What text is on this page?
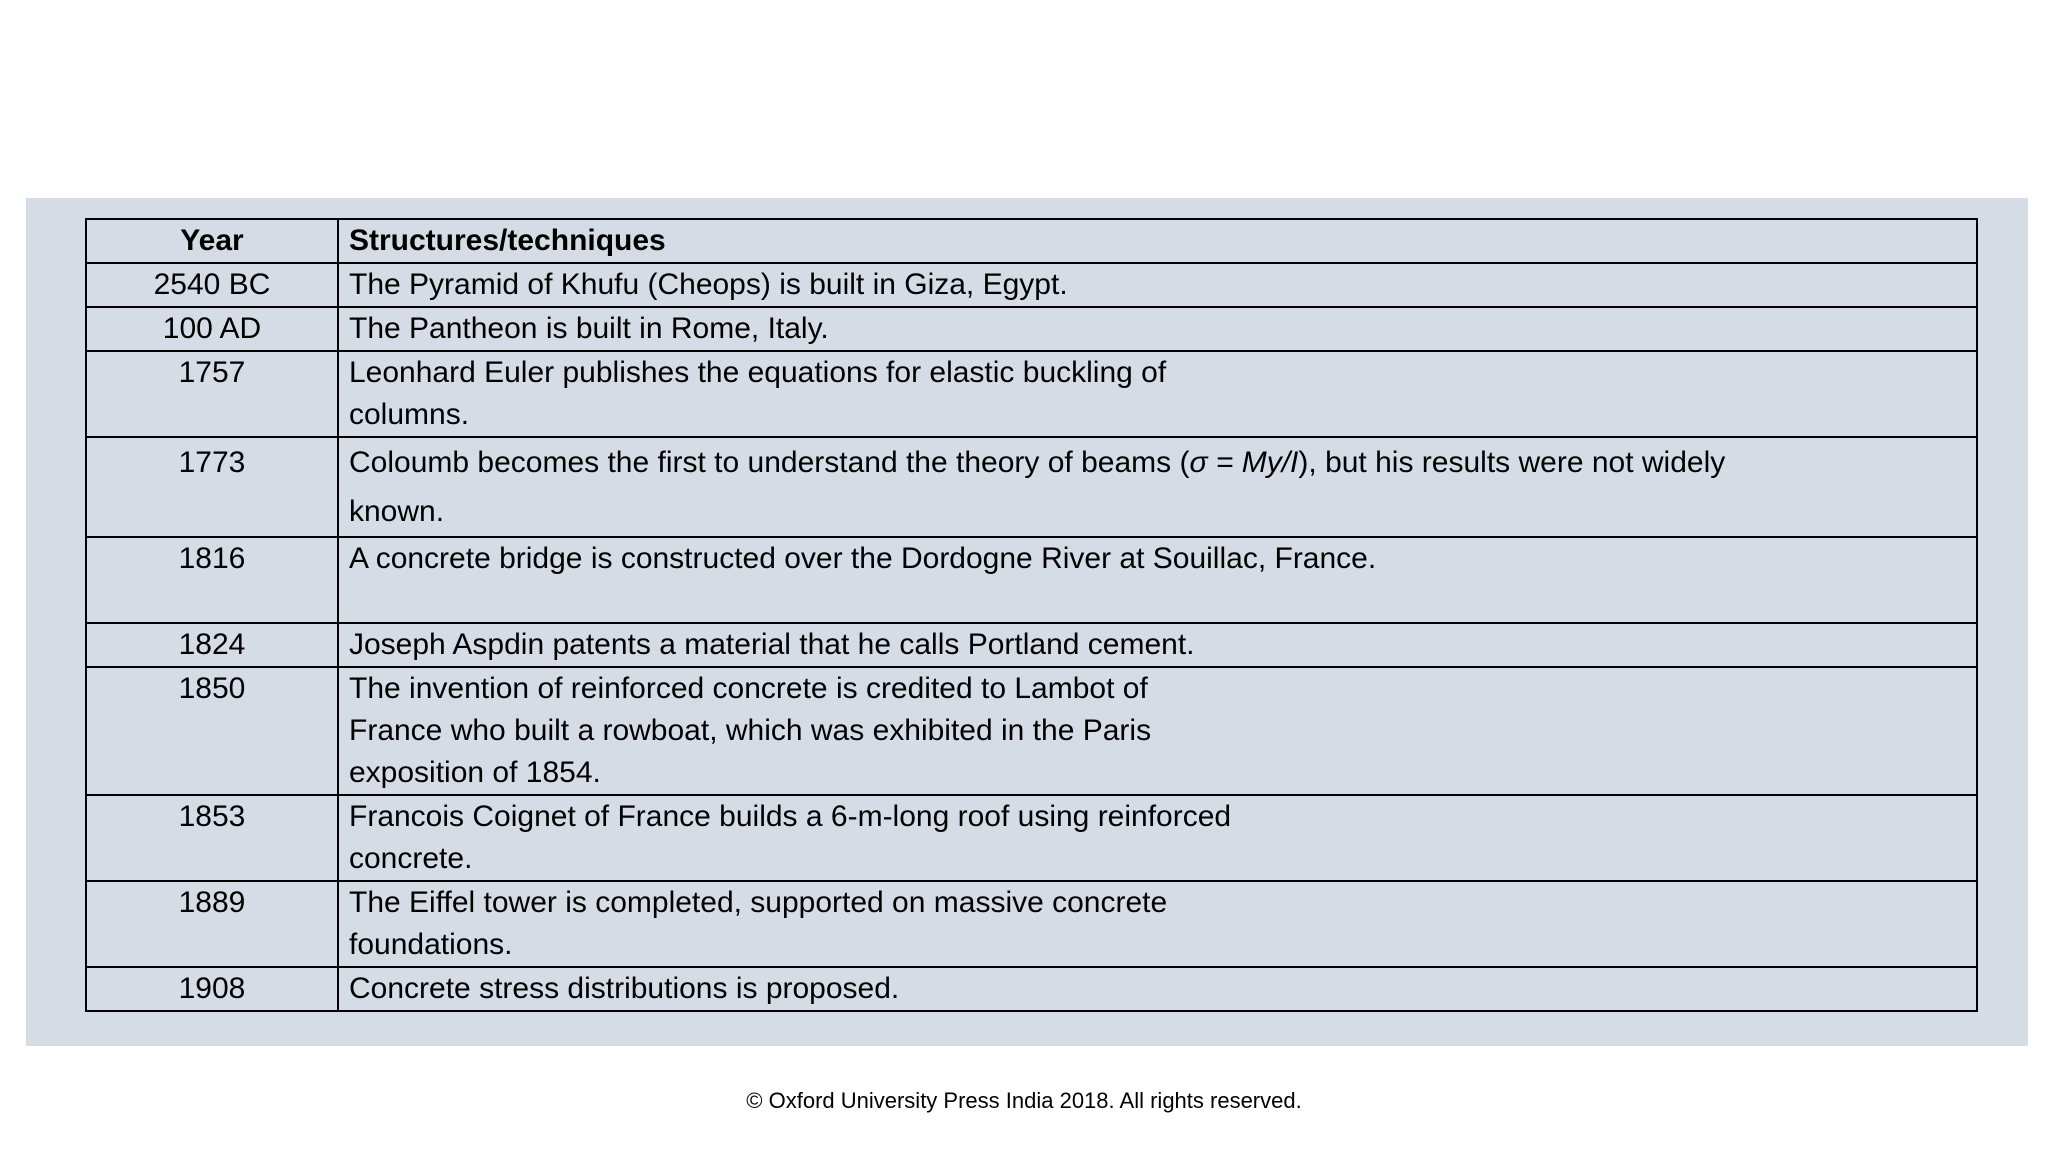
Year	Structures/techniques
2540 BC	The Pyramid of Khufu (Cheops) is built in Giza, Egypt.

100 AD	The Pantheon is built in Rome, Italy.

1757	Leonhard Euler publishes the equations for elastic buckling of
columns.

1773	Coloumb becomes the first to understand the theory of beams (σ = My/I), but his results were not widely
known.

1816	A concrete bridge is constructed over the Dordogne River at Souillac, France.

1824	Joseph Aspdin patents a material that he calls Portland cement.

1850	The invention of reinforced concrete is credited to Lambot of
France who built a rowboat, which was exhibited in the Paris
exposition of 1854.

1853	Francois Coignet of France builds a 6-m-long roof using reinforced
concrete.

1889	The Eiffel tower is completed, supported on massive concrete
foundations.

1908	Concrete stress distributions is proposed.
© Oxford University Press India 2018. All rights reserved.
